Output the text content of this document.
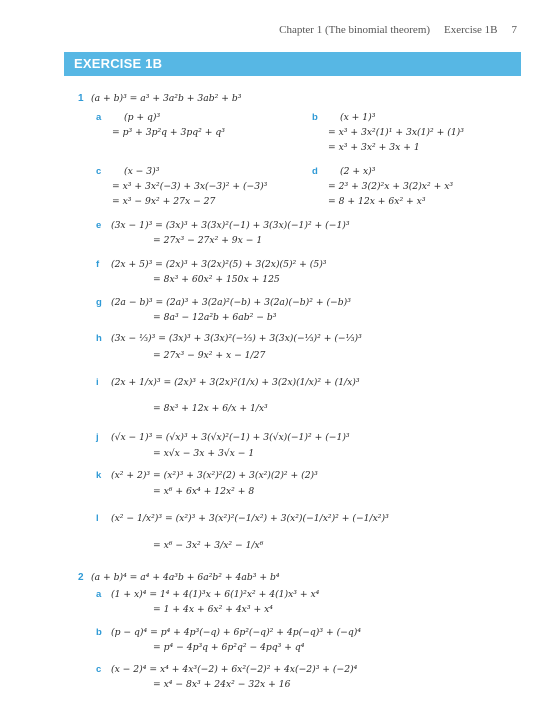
Chapter 1 (The binomial theorem) Exercise 1B 7
EXERCISE 1B
1 (a + b)³ = a³ + 3a²b + 3ab² + b³
a (p + q)³
= p³ + 3p²q + 3pq² + q³
b (x + 1)³
= x³ + 3x²(1)¹ + 3x(1)² + (1)³
= x³ + 3x² + 3x + 1
c (x − 3)³
= x³ + 3x²(−3) + 3x(−3)² + (−3)³
= x³ − 9x² + 27x − 27
d (2 + x)³
= 2³ + 3(2)²x + 3(2)x² + x³
= 8 + 12x + 6x² + x³
e (3x − 1)³ = (3x)³ + 3(3x)²(−1) + 3(3x)(−1)² + (−1)³
= 27x³ − 27x² + 9x − 1
f (2x + 5)³ = (2x)³ + 3(2x)²(5) + 3(2x)(5)² + (5)³
= 8x³ + 60x² + 150x + 125
g (2a − b)³ = (2a)³ + 3(2a)²(−b) + 3(2a)(−b)² + (−b)³
= 8a³ − 12a²b + 6ab² − b³
h (3x − ⅓)³ = (3x)³ + 3(3x)²(−⅓) + 3(3x)(−⅓)² + (−⅓)³
= 27x³ − 9x² + x − 1/27
i (2x + 1/x)³ = (2x)³ + 3(2x)²(1/x) + 3(2x)(1/x)² + (1/x)³
= 8x³ + 12x + 6/x + 1/x³
j (√x − 1)³ = (√x)³ + 3(√x)²(−1) + 3(√x)(−1)² + (−1)³
= x√x − 3x + 3√x − 1
k (x² + 2)³ = (x²)³ + 3(x²)²(2) + 3(x²)(2)² + (2)³
= x⁶ + 6x⁴ + 12x² + 8
l (x² − 1/x²)³ = (x²)³ + 3(x²)²(−1/x²) + 3(x²)(−1/x²)² + (−1/x²)³
= x⁶ − 3x² + 3/x² − 1/x⁶
2 (a + b)⁴ = a⁴ + 4a³b + 6a²b² + 4ab³ + b⁴
a (1 + x)⁴ = 1⁴ + 4(1)³x + 6(1)²x² + 4(1)x³ + x⁴
= 1 + 4x + 6x² + 4x³ + x⁴
b (p − q)⁴ = p⁴ + 4p³(−q) + 6p²(−q)² + 4p(−q)³ + (−q)⁴
= p⁴ − 4p³q + 6p²q² − 4pq³ + q⁴
c (x − 2)⁴ = x⁴ + 4x³(−2) + 6x²(−2)² + 4x(−2)³ + (−2)⁴
= x⁴ − 8x³ + 24x² − 32x + 16
